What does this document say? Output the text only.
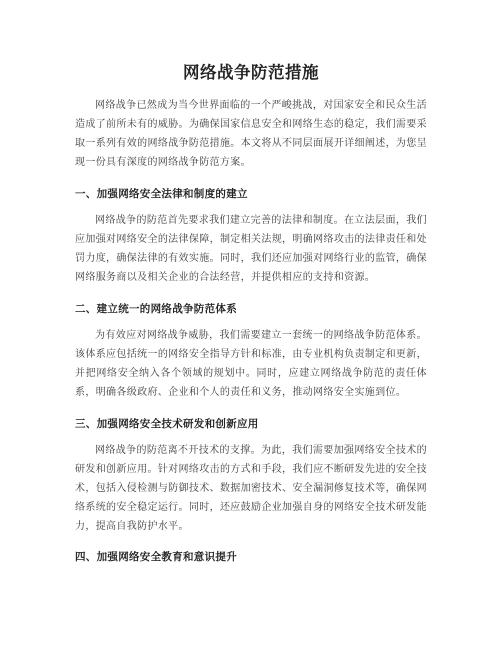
网络战争防范措施

网络战争已然成为当今世界面临的一个严峻挑战，对国家安全和民众生活造成了前所未有的威胁。为确保国家信息安全和网络生态的稳定，我们需要采取一系列有效的网络战争防范措施。本文将从不同层面展开详细阐述，为您呈现一份具有深度的网络战争防范方案。

一、加强网络安全法律和制度的建立

网络战争的防范首先要求我们建立完善的法律和制度。在立法层面，我们应加强对网络安全的法律保障，制定相关法规，明确网络攻击的法律责任和处罚力度，确保法律的有效实施。同时，我们还应加强对网络行业的监管，确保网络服务商以及相关企业的合法经营，并提供相应的支持和资源。

二、建立统一的网络战争防范体系

为有效应对网络战争威胁，我们需要建立一套统一的网络战争防范体系。该体系应包括统一的网络安全指导方针和标准，由专业机构负责制定和更新，并把网络安全纳入各个领域的规划中。同时，应建立网络战争防范的责任体系，明确各级政府、企业和个人的责任和义务，推动网络安全实施到位。

三、加强网络安全技术研发和创新应用

网络战争的防范离不开技术的支撑。为此，我们需要加强网络安全技术的研发和创新应用。针对网络攻击的方式和手段，我们应不断研发先进的安全技术，包括入侵检测与防御技术、数据加密技术、安全漏洞修复技术等，确保网络系统的安全稳定运行。同时，还应鼓励企业加强自身的网络安全技术研发能力，提高自我防护水平。

四、加强网络安全教育和意识提升
